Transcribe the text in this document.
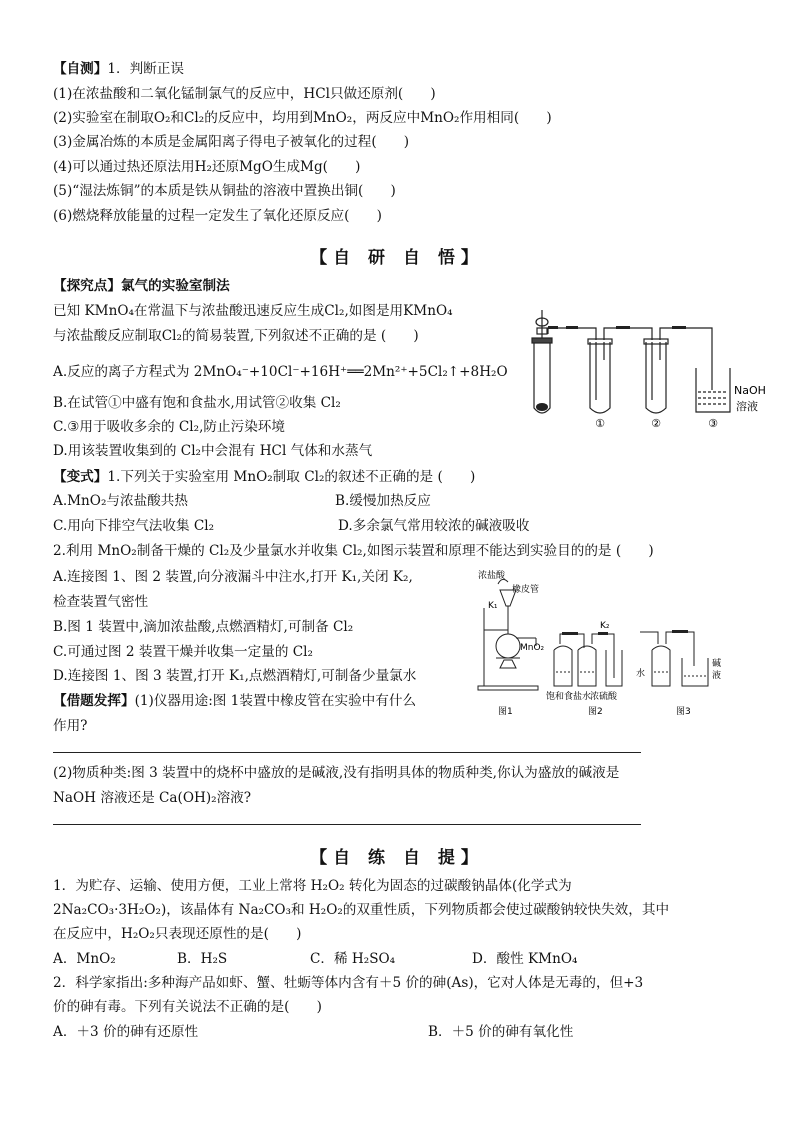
【自测】1．判断正误
(1)在浓盐酸和二氧化锰制氯气的反应中，HCl只做还原剂(　　)
(2)实验室在制取O₂和Cl₂的反应中，均用到MnO₂，两反应中MnO₂作用相同(　　)
(3)金属冶炼的本质是金属阳离子得电子被氧化的过程(　　)
(4)可以通过热还原法用H₂还原MgO生成Mg(　　)
(5)“湿法炼铜”的本质是铁从铜盐的溶液中置换出铜(　　)
(6)燃烧释放能量的过程一定发生了氧化还原反应(　　)
【自 研 自 悟】
【探究点】氯气的实验室制法
已知 KMnO₄在常温下与浓盐酸迅速反应生成Cl₂,如图是用KMnO₄
与浓盐酸反应制取Cl₂的简易装置,下列叙述不正确的是 (　　)
A.反应的离子方程式为 2MnO₄⁻+10Cl⁻+16H⁺══2Mn²⁺+5Cl₂↑+8H₂O
B.在试管①中盛有饱和食盐水,用试管②收集 Cl₂
C.③用于吸收多余的 Cl₂,防止污染环境
D.用该装置收集到的 Cl₂中会混有 HCl 气体和水蒸气
①	②	③
NaOH
溶液
【变式】1.下列关于实验室用 MnO₂制取 Cl₂的叙述不正确的是 (　　)
A.MnO₂与浓盐酸共热	B.缓慢加热反应
C.用向下排空气法收集 Cl₂	D.多余氯气常用较浓的碱液吸收
2.利用 MnO₂制备干燥的 Cl₂及少量氯水并收集 Cl₂,如图示装置和原理不能达到实验目的的是 (　　)
A.连接图 1、图 2 装置,向分液漏斗中注水,打开 K₁,关闭 K₂,
检查装置气密性
B.图 1 装置中,滴加浓盐酸,点燃酒精灯,可制备 Cl₂
C.可通过图 2 装置干燥并收集一定量的 Cl₂
D.连接图 1、图 3 装置,打开 K₁,点燃酒精灯,可制备少量氯水
浓盐酸
橡皮管
K₁
K₂
MnO₂
饱和食盐水
浓硫酸
水
碱
液
图1	图2	图3
【借题发挥】(1)仪器用途:图 1装置中橡皮管在实验中有什么
作用?
(2)物质种类:图 3 装置中的烧杯中盛放的是碱液,没有指明具体的物质种类,你认为盛放的碱液是
NaOH 溶液还是 Ca(OH)₂溶液?
【自 练 自 提】
1．为贮存、运输、使用方便，工业上常将 H₂O₂ 转化为固态的过碳酸钠晶体(化学式为
2Na₂CO₃·3H₂O₂)，该晶体有 Na₂CO₃和 H₂O₂的双重性质，下列物质都会使过碳酸钠较快失效，其中
在反应中，H₂O₂只表现还原性的是(　　)
A．MnO₂	B．H₂S	C．稀 H₂SO₄	D．酸性 KMnO₄
2．科学家指出:多种海产品如虾、蟹、牡蛎等体内含有＋5 价的砷(As)，它对人体是无毒的，但+3
价的砷有毒。下列有关说法不正确的是(　　)
A．＋3 价的砷有还原性	B．＋5 价的砷有氧化性
